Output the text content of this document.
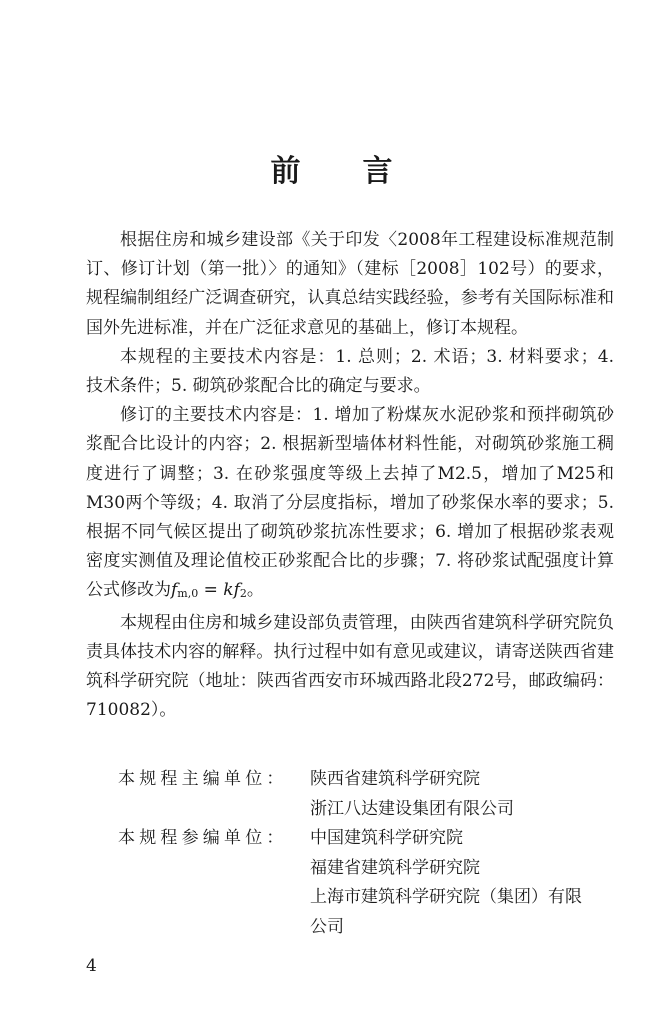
前 言

根据住房和城乡建设部《关于印发〈2008年工程建设标准规范制订、修订计划（第一批）〉的通知》（建标［2008］102号）的要求，规程编制组经广泛调查研究，认真总结实践经验，参考有关国际标准和国外先进标准，并在广泛征求意见的基础上，修订本规程。

本规程的主要技术内容是：1. 总则；2. 术语；3. 材料要求；4. 技术条件；5. 砌筑砂浆配合比的确定与要求。

修订的主要技术内容是：1. 增加了粉煤灰水泥砂浆和预拌砌筑砂浆配合比设计的内容；2. 根据新型墙体材料性能，对砌筑砂浆施工稠度进行了调整；3. 在砂浆强度等级上去掉了M2.5，增加了M25和M30两个等级；4. 取消了分层度指标，增加了砂浆保水率的要求；5. 根据不同气候区提出了砌筑砂浆抗冻性要求；6. 增加了根据砂浆表观密度实测值及理论值校正砂浆配合比的步骤；7. 将砂浆试配强度计算公式修改为fm,0 = kf2。

本规程由住房和城乡建设部负责管理，由陕西省建筑科学研究院负责具体技术内容的解释。执行过程中如有意见或建议，请寄送陕西省建筑科学研究院（地址：陕西省西安市环城西路北段272号，邮政编码：710082）。

本规程主编单位：	陕西省建筑科学研究院
浙江八达建设集团有限公司
本规程参编单位：	中国建筑科学研究院
福建省建筑科学研究院
上海市建筑科学研究院（集团）有限
公司
4
